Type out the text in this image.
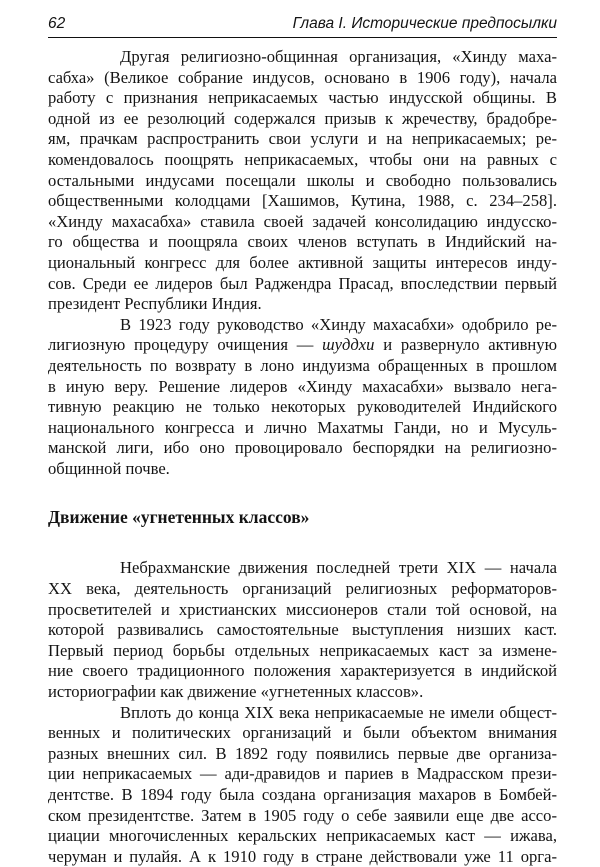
62	Глава I. Исторические предпосылки

Другая религиозно-общинная организация, «Хинду маха-
сабха» (Великое собрание индусов, основано в 1906 году), начала
работу с признания неприкасаемых частью индусской общины. В
одной из ее резолюций содержался призыв к жречеству, брадобре-
ям, прачкам распространить свои услуги и на неприкасаемых; ре-
комендовалось поощрять неприкасаемых, чтобы они на равных с
остальными индусами посещали школы и свободно пользовались
общественными колодцами [Хашимов, Кутина, 1988, с. 234–258].
«Хинду махасабха» ставила своей задачей консолидацию индусско-
го общества и поощряла своих членов вступать в Индийский на-
циональный конгресс для более активной защиты интересов инду-
сов. Среди ее лидеров был Раджендра Прасад, впоследствии первый
президент Республики Индия.

В 1923 году руководство «Хинду махасабхи» одобрило ре-
лигиозную процедуру очищения — шуддхи и развернуло активную
деятельность по возврату в лоно индуизма обращенных в прошлом
в иную веру. Решение лидеров «Хинду махасабхи» вызвало нега-
тивную реакцию не только некоторых руководителей Индийского
национального конгресса и лично Махатмы Ганди, но и Мусуль-
манской лиги, ибо оно провоцировало беспорядки на религиозно-
общинной почве.

Движение «угнетенных классов»

Небрахманские движения последней трети XIX — начала
XX века, деятельность организаций религиозных реформаторов-
просветителей и христианских миссионеров стали той основой, на
которой развивались самостоятельные выступления низших каст.
Первый период борьбы отдельных неприкасаемых каст за измене-
ние своего традиционного положения характеризуется в индийской
историографии как движение «угнетенных классов».

Вплоть до конца XIX века неприкасаемые не имели общест-
венных и политических организаций и были объектом внимания
разных внешних сил. В 1892 году появились первые две организа-
ции неприкасаемых — ади-дравидов и париев в Мадрасском прези-
дентстве. В 1894 году была создана организация махаров в Бомбей-
ском президентстве. Затем в 1905 году о себе заявили еще две ассо-
циации многочисленных керальских неприкасаемых каст — ижава,
черуман и пулайя. А к 1910 году в стране действовали уже 11 орга-
